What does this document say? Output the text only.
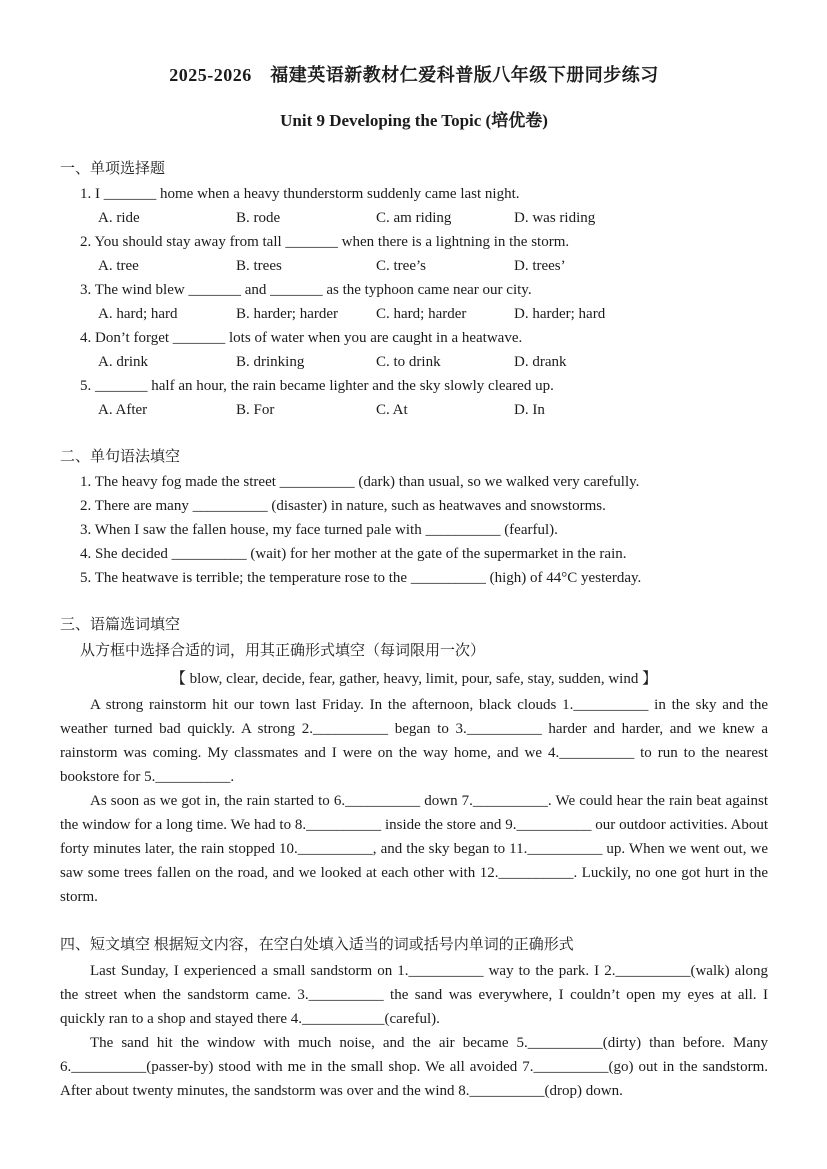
2025-2026　福建英语新教材仁爱科普版八年级下册同步练习
Unit 9 Developing the Topic (培优卷)
一、单项选择题
1. I _______ home when a heavy thunderstorm suddenly came last night.
A. ride	B. rode	C. am riding	D. was riding
2. You should stay away from tall _______ when there is a lightning in the storm.
A. tree	B. trees	C. tree’s	D. trees’
3. The wind blew _______ and _______ as the typhoon came near our city.
A. hard; hard	B. harder; harder	C. hard; harder	D. harder; hard
4. Don’t forget _______ lots of water when you are caught in a heatwave.
A. drink	B. drinking	C. to drink	D. drank
5. _______ half an hour, the rain became lighter and the sky slowly cleared up.
A. After	B. For	C. At	D. In
二、单句语法填空
1. The heavy fog made the street __________ (dark) than usual, so we walked very carefully.
2. There are many __________ (disaster) in nature, such as heatwaves and snowstorms.
3. When I saw the fallen house, my face turned pale with __________ (fearful).
4. She decided __________ (wait) for her mother at the gate of the supermarket in the rain.
5. The heatwave is terrible; the temperature rose to the __________ (high) of 44°C yesterday.
三、语篇选词填空
从方框中选择合适的词，用其正确形式填空（每词限用一次）
【 blow, clear, decide, fear, gather, heavy, limit, pour, safe, stay, sudden, wind 】

A strong rainstorm hit our town last Friday. In the afternoon, black clouds 1.__________ in the sky and the weather turned bad quickly. A strong 2.__________ began to 3.__________ harder and harder, and we knew a rainstorm was coming. My classmates and I were on the way home, and we 4.__________ to run to the nearest bookstore for 5.__________.

As soon as we got in, the rain started to 6.__________ down 7.__________. We could hear the rain beat against the window for a long time. We had to 8.__________ inside the store and 9.__________ our outdoor activities. About forty minutes later, the rain stopped 10.__________, and the sky began to 11.__________ up. When we went out, we saw some trees fallen on the road, and we looked at each other with 12.__________. Luckily, no one got hurt in the storm.

四、短文填空 根据短文内容，在空白处填入适当的词或括号内单词的正确形式

Last Sunday, I experienced a small sandstorm on 1.__________ way to the park. I 2.__________(walk) along the street when the sandstorm came. 3.__________ the sand was everywhere, I couldn’t open my eyes at all. I quickly ran to a shop and stayed there 4.___________(careful).

The sand hit the window with much noise, and the air became 5.__________(dirty) than before. Many 6.__________(passer-by) stood with me in the small shop. We all avoided 7.__________(go) out in the sandstorm. After about twenty minutes, the sandstorm was over and the wind 8.__________(drop) down.
